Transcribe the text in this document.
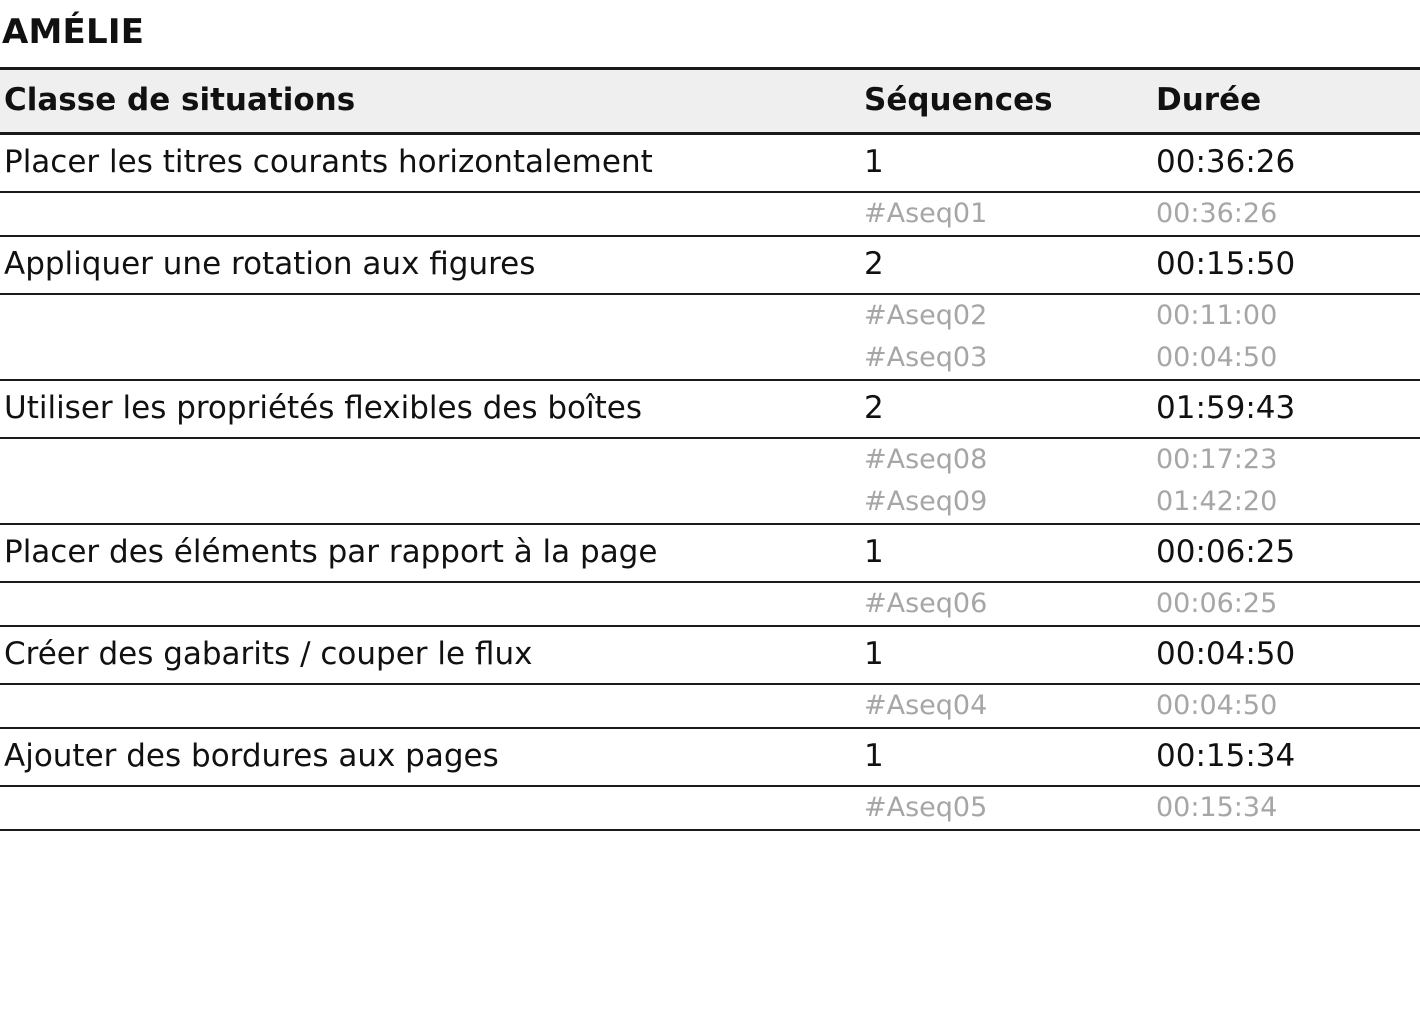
AMÉLIE
Classe de situations	Séquences	Durée
Placer les titres courants horizontalement	1	00:36:26
	#Aseq01	00:36:26
Appliquer une rotation aux figures	2	00:15:50
	#Aseq02	00:11:00
	#Aseq03	00:04:50
Utiliser les propriétés flexibles des boîtes	2	01:59:43
	#Aseq08	00:17:23
	#Aseq09	01:42:20
Placer des éléments par rapport à la page	1	00:06:25
	#Aseq06	00:06:25
Créer des gabarits / couper le flux	1	00:04:50
	#Aseq04	00:04:50
Ajouter des bordures aux pages	1	00:15:34
	#Aseq05	00:15:34
